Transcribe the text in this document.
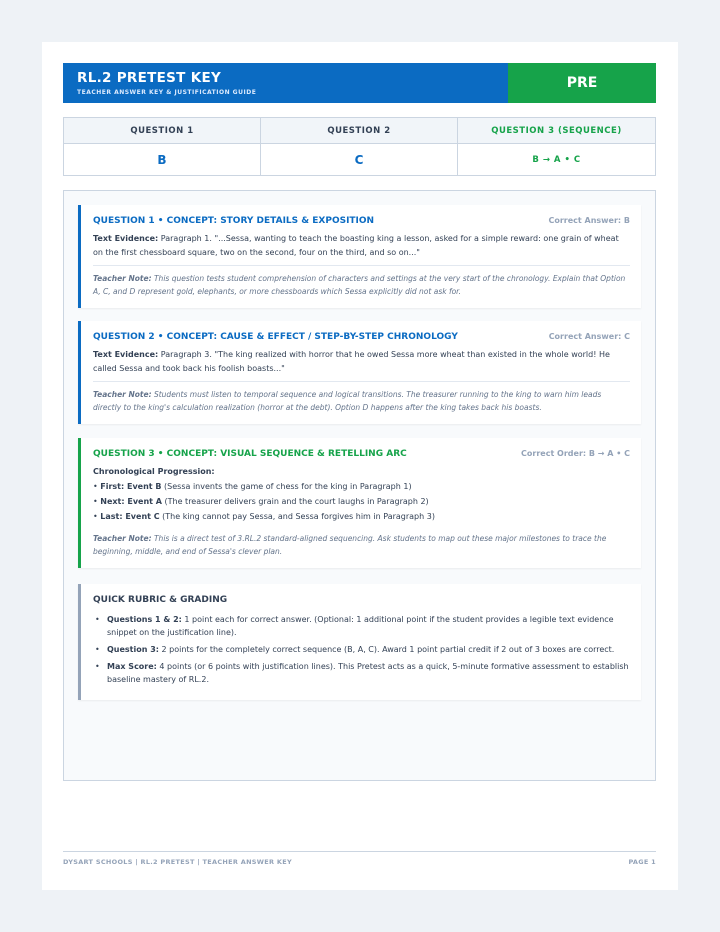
RL.2 PRETEST KEY
TEACHER ANSWER KEY & JUSTIFICATION GUIDE
PRE
QUESTION 1	QUESTION 2	QUESTION 3 (SEQUENCE)
B	C	B → A • C
QUESTION 1 • CONCEPT: STORY DETAILS & EXPOSITION	Correct Answer: B
Text Evidence: Paragraph 1. "...Sessa, wanting to teach the boasting king a lesson, asked for a simple reward: one grain of wheat on the first chessboard square, two on the second, four on the third, and so on..."
Teacher Note: This question tests student comprehension of characters and settings at the very start of the chronology. Explain that Option A, C, and D represent gold, elephants, or more chessboards which Sessa explicitly did not ask for.
QUESTION 2 • CONCEPT: CAUSE & EFFECT / STEP-BY-STEP CHRONOLOGY	Correct Answer: C
Text Evidence: Paragraph 3. "The king realized with horror that he owed Sessa more wheat than existed in the whole world! He called Sessa and took back his foolish boasts..."
Teacher Note: Students must listen to temporal sequence and logical transitions. The treasurer running to the king to warn him leads directly to the king's calculation realization (horror at the debt). Option D happens after the king takes back his boasts.
QUESTION 3 • CONCEPT: VISUAL SEQUENCE & RETELLING ARC	Correct Order: B → A • C
Chronological Progression:
• First: Event B (Sessa invents the game of chess for the king in Paragraph 1)
• Next: Event A (The treasurer delivers grain and the court laughs in Paragraph 2)
• Last: Event C (The king cannot pay Sessa, and Sessa forgives him in Paragraph 3)
Teacher Note: This is a direct test of 3.RL.2 standard-aligned sequencing. Ask students to map out these major milestones to trace the beginning, middle, and end of Sessa's clever plan.
QUICK RUBRIC & GRADING
• Questions 1 & 2: 1 point each for correct answer. (Optional: 1 additional point if the student provides a legible text evidence snippet on the justification line).
• Question 3: 2 points for the completely correct sequence (B, A, C). Award 1 point partial credit if 2 out of 3 boxes are correct.
• Max Score: 4 points (or 6 points with justification lines). This Pretest acts as a quick, 5-minute formative assessment to establish baseline mastery of RL.2.
DYSART SCHOOLS | RL.2 PRETEST | TEACHER ANSWER KEY	PAGE 1
